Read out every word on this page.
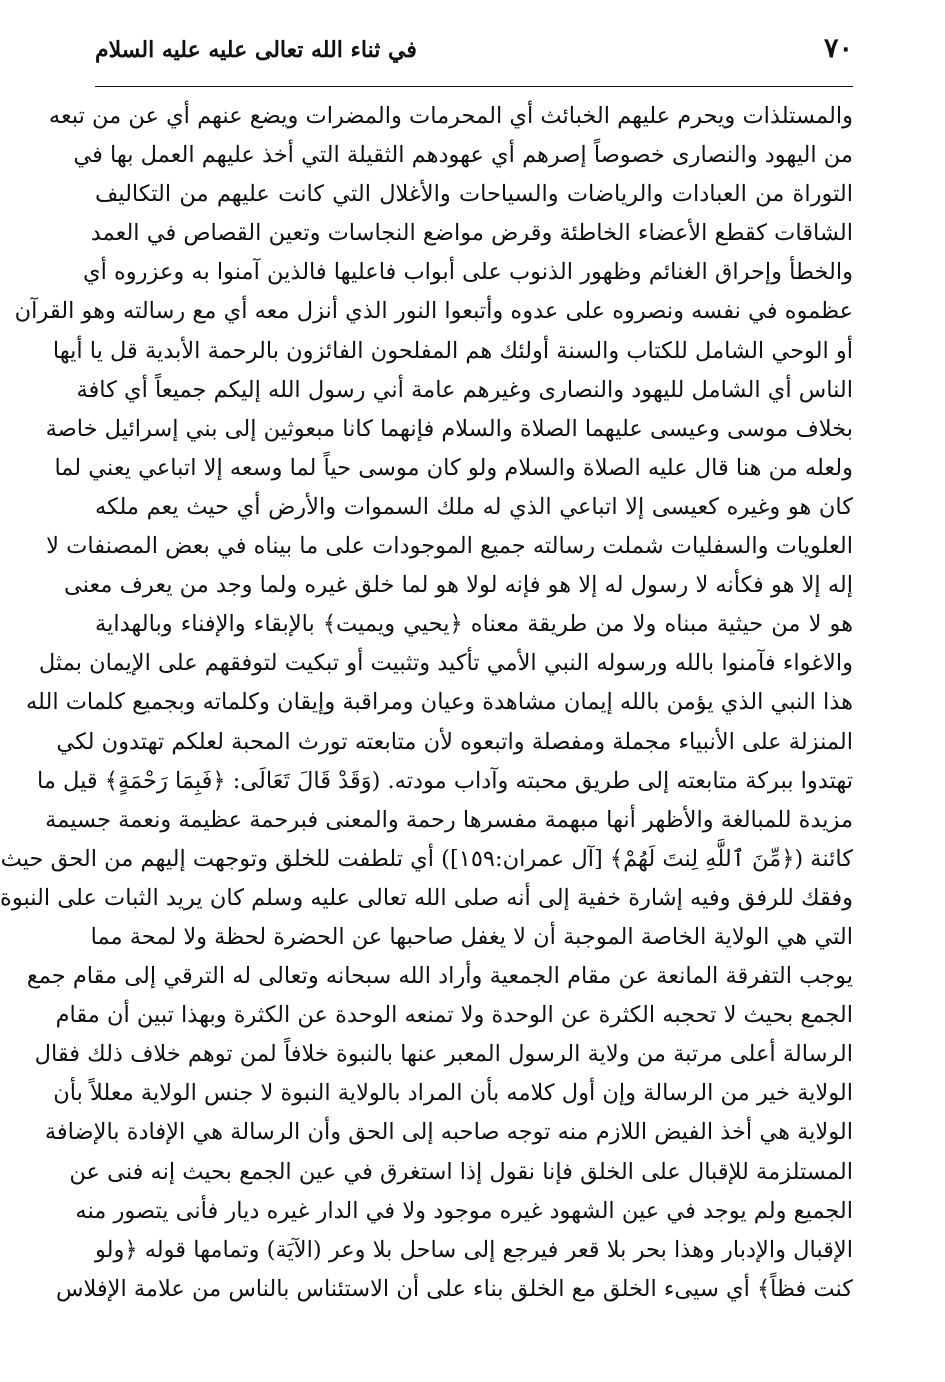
٧٠
في ثناء الله تعالى عليه عليه السلام
والمستلذات ويحرم عليهم الخبائث أي المحرمات والمضرات ويضع عنهم أي عن من تبعه
من اليهود والنصارى خصوصاً إصرهم أي عهودهم الثقيلة التي أخذ عليهم العمل بها في
التوراة من العبادات والرياضات والسياحات والأغلال التي كانت عليهم من التكاليف
الشاقات كقطع الأعضاء الخاطئة وقرض مواضع النجاسات وتعين القصاص في العمد
والخطأ وإحراق الغنائم وظهور الذنوب على أبواب فاعليها فالذين آمنوا به وعزروه أي
عظموه في نفسه ونصروه على عدوه وأتبعوا النور الذي أنزل معه أي مع رسالته وهو القرآن
أو الوحي الشامل للكتاب والسنة أولئك هم المفلحون الفائزون بالرحمة الأبدية قل يا أيها
الناس أي الشامل لليهود والنصارى وغيرهم عامة أني رسول الله إليكم جميعاً أي كافة
بخلاف موسى وعيسى عليهما الصلاة والسلام فإنهما كانا مبعوثين إلى بني إسرائيل خاصة
ولعله من هنا قال عليه الصلاة والسلام ولو كان موسى حياً لما وسعه إلا اتباعي يعني لما
كان هو وغيره كعيسى إلا اتباعي الذي له ملك السموات والأرض أي حيث يعم ملكه
العلويات والسفليات شملت رسالته جميع الموجودات على ما بيناه في بعض المصنفات لا
إله إلا هو فكأنه لا رسول له إلا هو فإنه لولا هو لما خلق غيره ولما وجد من يعرف معنى
هو لا من حيثية مبناه ولا من طريقة معناه ﴿يحيي ويميت﴾ بالإبقاء والإفناء وبالهداية
والاغواء فآمنوا بالله ورسوله النبي الأمي تأكيد وتثبيت أو تبكيت لتوفقهم على الإيمان بمثل
هذا النبي الذي يؤمن بالله إيمان مشاهدة وعيان ومراقبة وإيقان وكلماته وبجميع كلمات الله
المنزلة على الأنبياء مجملة ومفصلة واتبعوه لأن متابعته تورث المحبة لعلكم تهتدون لكي
تهتدوا ببركة متابعته إلى طريق محبته وآداب مودته. (وَقَدْ قَالَ تَعَالَى: ﴿فَبِمَا رَحْمَةٍ﴾ قيل ما
مزيدة للمبالغة والأظهر أنها مبهمة مفسرها رحمة والمعنى فبرحمة عظيمة ونعمة جسيمة
كائنة (﴿مِّنَ ٱللَّهِ لِنتَ لَهُمْ﴾ [آل عمران:١٥٩]) أي تلطفت للخلق وتوجهت إليهم من الحق حيث
وفقك للرفق وفيه إشارة خفية إلى أنه صلى الله تعالى عليه وسلم كان يريد الثبات على النبوة
التي هي الولاية الخاصة الموجبة أن لا يغفل صاحبها عن الحضرة لحظة ولا لمحة مما
يوجب التفرقة المانعة عن مقام الجمعية وأراد الله سبحانه وتعالى له الترقي إلى مقام جمع
الجمع بحيث لا تحجبه الكثرة عن الوحدة ولا تمنعه الوحدة عن الكثرة وبهذا تبين أن مقام
الرسالة أعلى مرتبة من ولاية الرسول المعبر عنها بالنبوة خلافاً لمن توهم خلاف ذلك فقال
الولاية خير من الرسالة وإن أول كلامه بأن المراد بالولاية النبوة لا جنس الولاية معللاً بأن
الولاية هي أخذ الفيض اللازم منه توجه صاحبه إلى الحق وأن الرسالة هي الإفادة بالإضافة
المستلزمة للإقبال على الخلق فإنا نقول إذا استغرق في عين الجمع بحيث إنه فنى عن
الجميع ولم يوجد في عين الشهود غيره موجود ولا في الدار غيره ديار فأنى يتصور منه
الإقبال والإدبار وهذا بحر بلا قعر فيرجع إلى ساحل بلا وعر (الآيَة) وتمامها قوله ﴿ولو
كنت فظاً﴾ أي سيىء الخلق مع الخلق بناء على أن الاستئناس بالناس من علامة الإفلاس
